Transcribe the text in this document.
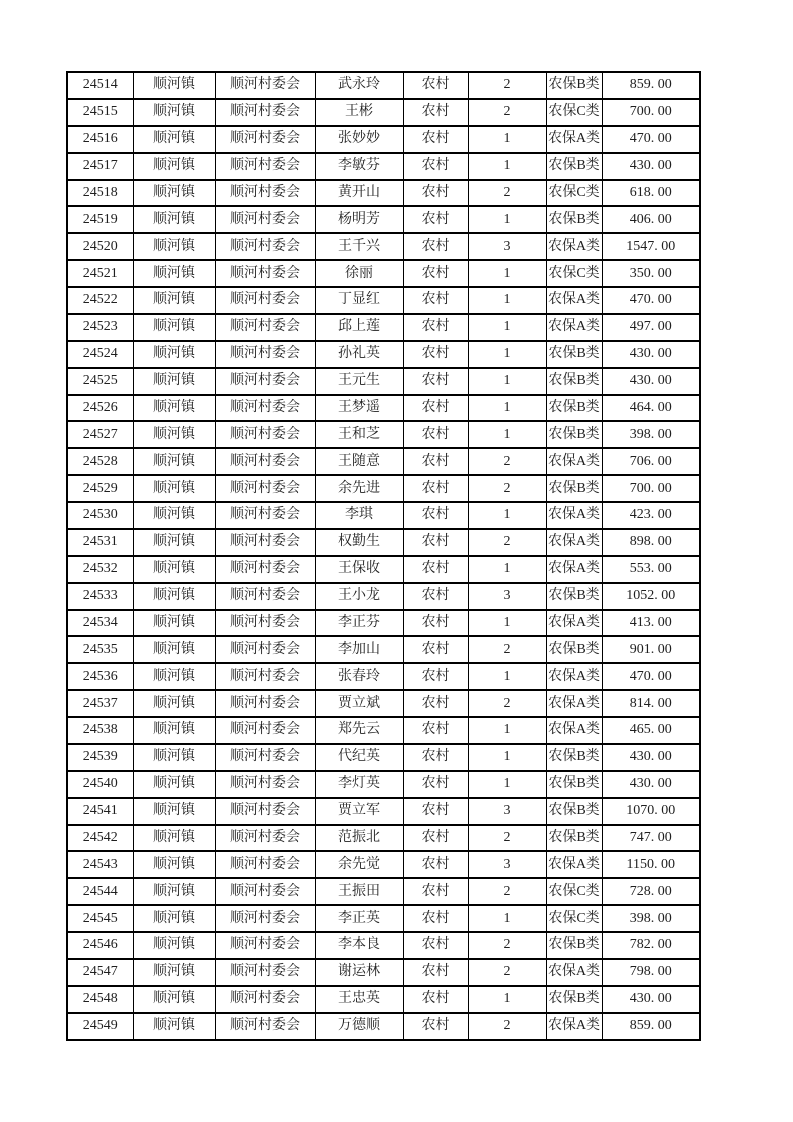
24514	顺河镇	顺河村委会	武永玲	农村	2	农保B类	859. 00
24515	顺河镇	顺河村委会	王彬	农村	2	农保C类	700. 00
24516	顺河镇	顺河村委会	张妙妙	农村	1	农保A类	470. 00
24517	顺河镇	顺河村委会	李敏芬	农村	1	农保B类	430. 00
24518	顺河镇	顺河村委会	黄开山	农村	2	农保C类	618. 00
24519	顺河镇	顺河村委会	杨明芳	农村	1	农保B类	406. 00
24520	顺河镇	顺河村委会	王千兴	农村	3	农保A类	1547. 00
24521	顺河镇	顺河村委会	徐丽	农村	1	农保C类	350. 00
24522	顺河镇	顺河村委会	丁显红	农村	1	农保A类	470. 00
24523	顺河镇	顺河村委会	邱上莲	农村	1	农保A类	497. 00
24524	顺河镇	顺河村委会	孙礼英	农村	1	农保B类	430. 00
24525	顺河镇	顺河村委会	王元生	农村	1	农保B类	430. 00
24526	顺河镇	顺河村委会	王梦遥	农村	1	农保B类	464. 00
24527	顺河镇	顺河村委会	王和芝	农村	1	农保B类	398. 00
24528	顺河镇	顺河村委会	王随意	农村	2	农保A类	706. 00
24529	顺河镇	顺河村委会	余先进	农村	2	农保B类	700. 00
24530	顺河镇	顺河村委会	李琪	农村	1	农保A类	423. 00
24531	顺河镇	顺河村委会	权勤生	农村	2	农保A类	898. 00
24532	顺河镇	顺河村委会	王保收	农村	1	农保A类	553. 00
24533	顺河镇	顺河村委会	王小龙	农村	3	农保B类	1052. 00
24534	顺河镇	顺河村委会	李正芬	农村	1	农保A类	413. 00
24535	顺河镇	顺河村委会	李加山	农村	2	农保B类	901. 00
24536	顺河镇	顺河村委会	张春玲	农村	1	农保A类	470. 00
24537	顺河镇	顺河村委会	贾立斌	农村	2	农保A类	814. 00
24538	顺河镇	顺河村委会	郑先云	农村	1	农保A类	465. 00
24539	顺河镇	顺河村委会	代纪英	农村	1	农保B类	430. 00
24540	顺河镇	顺河村委会	李灯英	农村	1	农保B类	430. 00
24541	顺河镇	顺河村委会	贾立军	农村	3	农保B类	1070. 00
24542	顺河镇	顺河村委会	范振北	农村	2	农保B类	747. 00
24543	顺河镇	顺河村委会	余先觉	农村	3	农保A类	1150. 00
24544	顺河镇	顺河村委会	王振田	农村	2	农保C类	728. 00
24545	顺河镇	顺河村委会	李正英	农村	1	农保C类	398. 00
24546	顺河镇	顺河村委会	李本良	农村	2	农保B类	782. 00
24547	顺河镇	顺河村委会	谢运林	农村	2	农保A类	798. 00
24548	顺河镇	顺河村委会	王忠英	农村	1	农保B类	430. 00
24549	顺河镇	顺河村委会	万德顺	农村	2	农保A类	859. 00
